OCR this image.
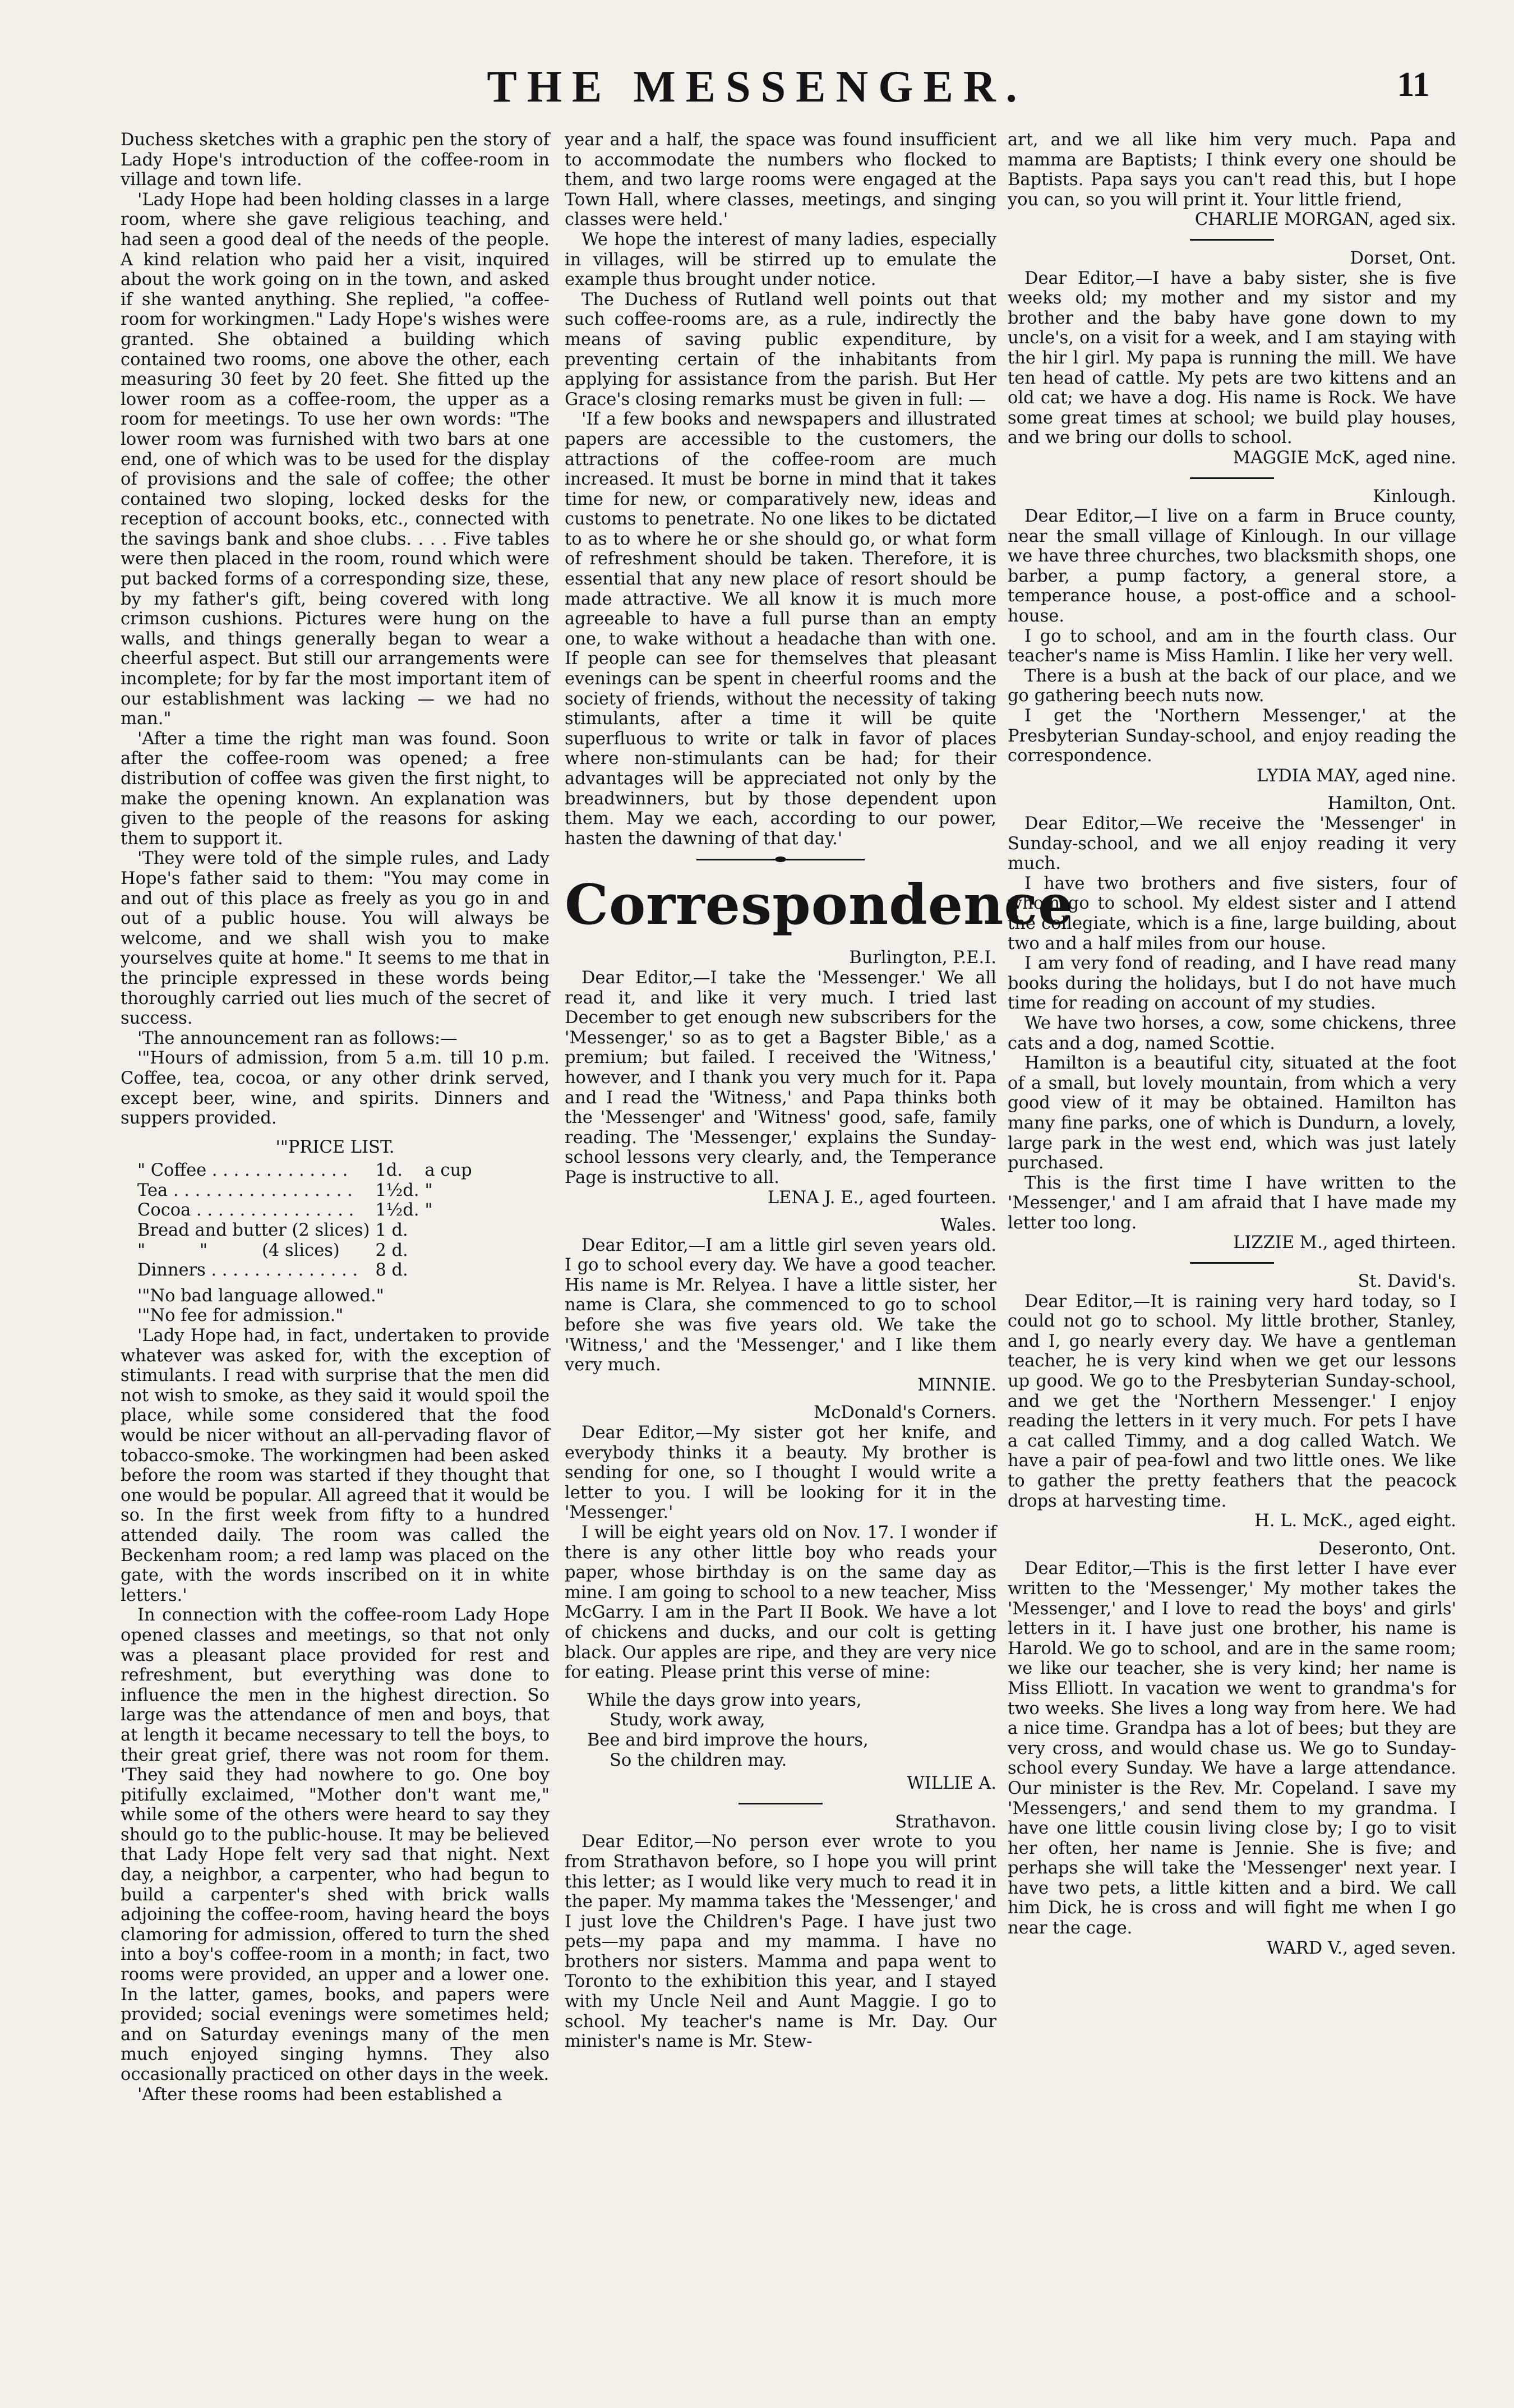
THE MESSENGER.	11

Duchess sketches with a graphic pen the story of Lady Hope's introduction of the coffee-room in village and town life.

'Lady Hope had been holding classes in a large room, where she gave religious teaching, and had seen a good deal of the needs of the people. A kind relation who paid her a visit, inquired about the work going on in the town, and asked if she wanted anything. She replied, "a coffee-room for workingmen." Lady Hope's wishes were granted. She obtained a building which contained two rooms, one above the other, each measuring 30 feet by 20 feet. She fitted up the lower room as a coffee-room, the upper as a room for meetings. To use her own words: "The lower room was furnished with two bars at one end, one of which was to be used for the display of provisions and the sale of coffee; the other contained two sloping, locked desks for the reception of account books, etc., connected with the savings bank and shoe clubs. . . . Five tables were then placed in the room, round which were put backed forms of a corresponding size, these, by my father's gift, being covered with long crimson cushions. Pictures were hung on the walls, and things generally began to wear a cheerful aspect. But still our arrangements were incomplete; for by far the most important item of our establishment was lacking — we had no man."

'After a time the right man was found. Soon after the coffee-room was opened; a free distribution of coffee was given the first night, to make the opening known. An explanation was given to the people of the reasons for asking them to support it.

'They were told of the simple rules, and Lady Hope's father said to them: "You may come in and out of this place as freely as you go in and out of a public house. You will always be welcome, and we shall wish you to make yourselves quite at home." It seems to me that in the principle expressed in these words being thoroughly carried out lies much of the secret of success.

'The announcement ran as follows:—

'"Hours of admission, from 5 a.m. till 10 p.m. Coffee, tea, cocoa, or any other drink served, except beer, wine, and spirits. Dinners and suppers provided.

'"PRICE LIST.
" Coffee . . . . . . . . . . . . .	1d.	a cup
Tea . . . . . . . . . . . . . . . . .	1½d.	"
Cocoa . . . . . . . . . . . . . . .	1½d.	"
Bread and butter (2 slices)	1 d.	
"          "          (4 slices)	2 d.	
Dinners . . . . . . . . . . . . . .	8 d.	

'"No bad language allowed."

'"No fee for admission."

'Lady Hope had, in fact, undertaken to provide whatever was asked for, with the exception of stimulants. I read with surprise that the men did not wish to smoke, as they said it would spoil the place, while some considered that the food would be nicer without an all-pervading flavor of tobacco-smoke. The workingmen had been asked before the room was started if they thought that one would be popular. All agreed that it would be so. In the first week from fifty to a hundred attended daily. The room was called the Beckenham room; a red lamp was placed on the gate, with the words inscribed on it in white letters.'

In connection with the coffee-room Lady Hope opened classes and meetings, so that not only was a pleasant place provided for rest and refreshment, but everything was done to influence the men in the highest direction. So large was the attendance of men and boys, that at length it became necessary to tell the boys, to their great grief, there was not room for them. 'They said they had nowhere to go. One boy pitifully exclaimed, "Mother don't want me," while some of the others were heard to say they should go to the public-house. It may be believed that Lady Hope felt very sad that night. Next day, a neighbor, a carpenter, who had begun to build a carpenter's shed with brick walls adjoining the coffee-room, having heard the boys clamoring for admission, offered to turn the shed into a boy's coffee-room in a month; in fact, two rooms were provided, an upper and a lower one. In the latter, games, books, and papers were provided; social evenings were sometimes held; and on Saturday evenings many of the men much enjoyed singing hymns. They also occasionally practiced on other days in the week.

'After these rooms had been established a

year and a half, the space was found insufficient to accommodate the numbers who flocked to them, and two large rooms were engaged at the Town Hall, where classes, meetings, and singing classes were held.'

We hope the interest of many ladies, especially in villages, will be stirred up to emulate the example thus brought under notice.

The Duchess of Rutland well points out that such coffee-rooms are, as a rule, indirectly the means of saving public expenditure, by preventing certain of the inhabitants from applying for assistance from the parish. But Her Grace's closing remarks must be given in full: —

'If a few books and newspapers and illustrated papers are accessible to the customers, the attractions of the coffee-room are much increased. It must be borne in mind that it takes time for new, or comparatively new, ideas and customs to penetrate. No one likes to be dictated to as to where he or she should go, or what form of refreshment should be taken. Therefore, it is essential that any new place of resort should be made attractive. We all know it is much more agreeable to have a full purse than an empty one, to wake without a headache than with one. If people can see for themselves that pleasant evenings can be spent in cheerful rooms and the society of friends, without the necessity of taking stimulants, after a time it will be quite superfluous to write or talk in favor of places where non-stimulants can be had; for their advantages will be appreciated not only by the breadwinners, but by those dependent upon them. May we each, according to our power, hasten the dawning of that day.'

Correspondence
Burlington, P.E.I.

Dear Editor,—I take the 'Messenger.' We all read it, and like it very much. I tried last December to get enough new subscribers for the 'Messenger,' so as to get a Bagster Bible,' as a premium; but failed. I received the 'Witness,' however, and I thank you very much for it. Papa and I read the 'Witness,' and Papa thinks both the 'Messenger' and 'Witness' good, safe, family reading. The 'Messenger,' explains the Sunday-school lessons very clearly, and, the Temperance Page is instructive to all.

LENA J. E., aged fourteen.
Wales.

Dear Editor,—I am a little girl seven years old. I go to school every day. We have a good teacher. His name is Mr. Relyea. I have a little sister, her name is Clara, she commenced to go to school before she was five years old. We take the 'Witness,' and the 'Messenger,' and I like them very much.

MINNIE.
McDonald's Corners.

Dear Editor,—My sister got her knife, and everybody thinks it a beauty. My brother is sending for one, so I thought I would write a letter to you. I will be looking for it in the 'Messenger.'

I will be eight years old on Nov. 17. I wonder if there is any other little boy who reads your paper, whose birthday is on the same day as mine. I am going to school to a new teacher, Miss McGarry. I am in the Part II Book. We have a lot of chickens and ducks, and our colt is getting black. Our apples are ripe, and they are very nice for eating. Please print this verse of mine:

While the days grow into years,
Study, work away,
Bee and bird improve the hours,
So the children may.
WILLIE A.
Strathavon.

Dear Editor,—No person ever wrote to you from Strathavon before, so I hope you will print this letter; as I would like very much to read it in the paper. My mamma takes the 'Messenger,' and I just love the Children's Page. I have just two pets—my papa and my mamma. I have no brothers nor sisters. Mamma and papa went to Toronto to the exhibition this year, and I stayed with my Uncle Neil and Aunt Maggie. I go to school. My teacher's name is Mr. Day. Our minister's name is Mr. Stew-

art, and we all like him very much. Papa and mamma are Baptists; I think every one should be Baptists. Papa says you can't read this, but I hope you can, so you will print it. Your little friend,

CHARLIE MORGAN, aged six.
Dorset, Ont.

Dear Editor,—I have a baby sister, she is five weeks old; my mother and my sistor and my brother and the baby have gone down to my uncle's, on a visit for a week, and I am staying with the hir l girl. My papa is running the mill. We have ten head of cattle. My pets are two kittens and an old cat; we have a dog. His name is Rock. We have some great times at school; we build play houses, and we bring our dolls to school.

MAGGIE McK, aged nine.
Kinlough.

Dear Editor,—I live on a farm in Bruce county, near the small village of Kinlough. In our village we have three churches, two blacksmith shops, one barber, a pump factory, a general store, a temperance house, a post-office and a school-house.

I go to school, and am in the fourth class. Our teacher's name is Miss Hamlin. I like her very well.

There is a bush at the back of our place, and we go gathering beech nuts now.

I get the 'Northern Messenger,' at the Presbyterian Sunday-school, and enjoy reading the correspondence.

LYDIA MAY, aged nine.
Hamilton, Ont.

Dear Editor,—We receive the 'Messenger' in Sunday-school, and we all enjoy reading it very much.

I have two brothers and five sisters, four of whom go to school. My eldest sister and I attend the collegiate, which is a fine, large building, about two and a half miles from our house.

I am very fond of reading, and I have read many books during the holidays, but I do not have much time for reading on account of my studies.

We have two horses, a cow, some chickens, three cats and a dog, named Scottie.

Hamilton is a beautiful city, situated at the foot of a small, but lovely mountain, from which a very good view of it may be obtained. Hamilton has many fine parks, one of which is Dundurn, a lovely, large park in the west end, which was just lately purchased.

This is the first time I have written to the 'Messenger,' and I am afraid that I have made my letter too long.

LIZZIE M., aged thirteen.
St. David's.

Dear Editor,—It is raining very hard today, so I could not go to school. My little brother, Stanley, and I, go nearly every day. We have a gentleman teacher, he is very kind when we get our lessons up good. We go to the Presbyterian Sunday-school, and we get the 'Northern Messenger.' I enjoy reading the letters in it very much. For pets I have a cat called Timmy, and a dog called Watch. We have a pair of pea-fowl and two little ones. We like to gather the pretty feathers that the peacock drops at harvesting time.

H. L. McK., aged eight.
Deseronto, Ont.

Dear Editor,—This is the first letter I have ever written to the 'Messenger,' My mother takes the 'Messenger,' and I love to read the boys' and girls' letters in it. I have just one brother, his name is Harold. We go to school, and are in the same room; we like our teacher, she is very kind; her name is Miss Elliott. In vacation we went to grandma's for two weeks. She lives a long way from here. We had a nice time. Grandpa has a lot of bees; but they are very cross, and would chase us. We go to Sunday-school every Sunday. We have a large attendance. Our minister is the Rev. Mr. Copeland. I save my 'Messengers,' and send them to my grandma. I have one little cousin living close by; I go to visit her often, her name is Jennie. She is five; and perhaps she will take the 'Messenger' next year. I have two pets, a little kitten and a bird. We call him Dick, he is cross and will fight me when I go near the cage.

WARD V., aged seven.
